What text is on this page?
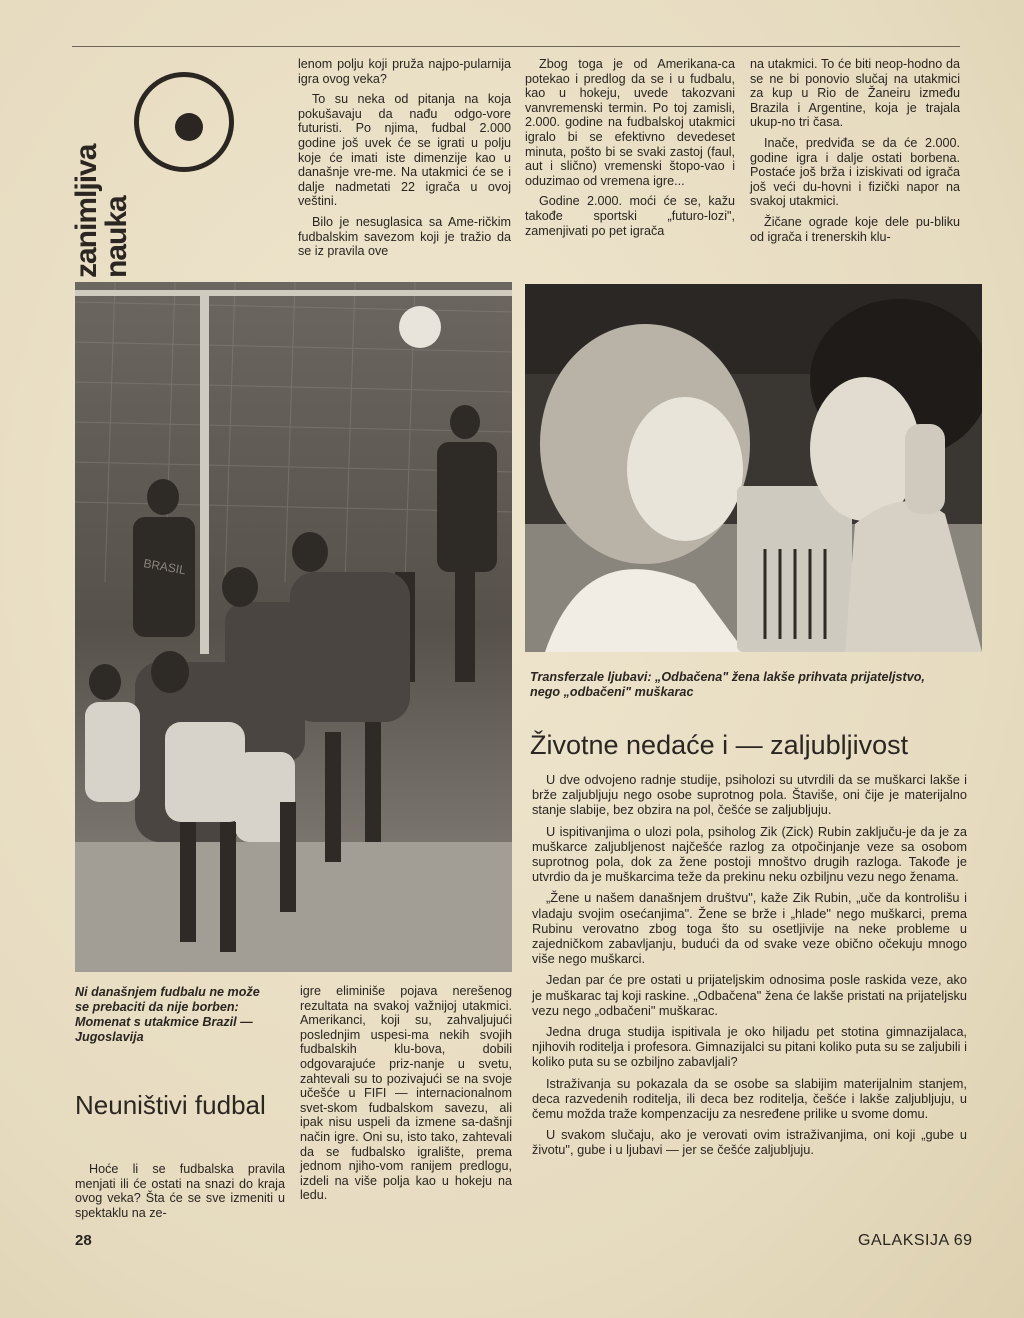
zanimljiva
nauka

lenom polju koji pruža najpo-pularnija igra ovog veka?

To su neka od pitanja na koja pokušavaju da nađu odgo-vore futuristi. Po njima, fudbal 2.000 godine još uvek će se igrati u polju koje će imati iste dimenzije kao u današnje vre-me. Na utakmici će se i dalje nadmetati 22 igrača u ovoj veštini.

Bilo je nesuglasica sa Ame-ričkim fudbalskim savezom koji je tražio da se iz pravila ove

Zbog toga je od Amerikana-ca potekao i predlog da se i u fudbalu, kao u hokeju, uvede takozvani vanvremenski termin. Po toj zamisli, 2.000. godine na fudbalskoj utakmici igralo bi se efektivno devedeset minuta, pošto bi se svaki zastoj (faul, aut i slično) vremenski štopo-vao i oduzimao od vremena igre...

Godine 2.000. moći će se, kažu takođe sportski „futuro-lozi", zamenjivati po pet igrača

na utakmici. To će biti neop-hodno da se ne bi ponovio slučaj na utakmici za kup u Rio de Žaneiru između Brazila i Argentine, koja je trajala ukup-no tri časa.

Inače, predviđa se da će 2.000. godine igra i dalje ostati borbena. Postaće još brža i iziskivati od igrača još veći du-hovni i fizički napor na svakoj utakmici.

Žičane ograde koje dele pu-bliku od igrača i trenerskih klu-

BRASIL
Ni današnjem fudbalu ne može se prebaciti da nije borben: Momenat s utakmice Brazil — Jugoslavija
Transferzale ljubavi: „Odbačena" žena lakše prihvata prijateljstvo, nego „odbačeni" muškarac
Neuništivi fudbal
Životne nedaće i — zaljubljivost

Hoće li se fudbalska pravila menjati ili će ostati na snazi do kraja ovog veka? Šta će se sve izmeniti u spektaklu na ze-

igre eliminiše pojava nerešenog rezultata na svakoj važnijoj utakmici. Amerikanci, koji su, zahvaljujući poslednjim uspesi-ma nekih svojih fudbalskih klu-bova, dobili odgovarajuće priz-nanje u svetu, zahtevali su to pozivajući se na svoje učešće u FIFI — internacionalnom svet-skom fudbalskom savezu, ali ipak nisu uspeli da izmene sa-dašnji način igre. Oni su, isto tako, zahtevali da se fudbalsko igralište, prema jednom njiho-vom ranijem predlogu, izdeli na više polja kao u hokeju na ledu.

U dve odvojeno radnje studije, psiholozi su utvrdili da se muškarci lakše i brže zaljubljuju nego osobe suprotnog pola. Štaviše, oni čije je materijalno stanje slabije, bez obzira na pol, češće se zaljubljuju.

U ispitivanjima o ulozi pola, psiholog Zik (Zick) Rubin zaključu-je da je za muškarce zaljubljenost najčešće razlog za otpočinjanje veze sa osobom suprotnog pola, dok za žene postoji mnoštvo drugih razloga. Takođe je utvrdio da je muškarcima teže da prekinu neku ozbiljnu vezu nego ženama.

„Žene u našem današnjem društvu", kaže Zik Rubin, „uče da kontrolišu i vladaju svojim osećanjima". Žene se brže i „hlade" nego muškarci, prema Rubinu verovatno zbog toga što su osetljivije na neke probleme u zajedničkom zabavljanju, budući da od svake veze obično očekuju mnogo više nego muškarci.

Jedan par će pre ostati u prijateljskim odnosima posle raskida veze, ako je muškarac taj koji raskine. „Odbačena" žena će lakše pristati na prijateljsku vezu nego „odbačeni" muškarac.

Jedna druga studija ispitivala je oko hiljadu pet stotina gimnazijalaca, njihovih roditelja i profesora. Gimnazijalci su pitani koliko puta su se zaljubili i koliko puta su se ozbiljno zabavljali?

Istraživanja su pokazala da se osobe sa slabijim materijalnim stanjem, deca razvedenih roditelja, ili deca bez roditelja, češće i lakše zaljubljuju, u čemu možda traže kompenzaciju za nesređene prilike u svome domu.

U svakom slučaju, ako je verovati ovim istraživanjima, oni koji „gube u životu", gube i u ljubavi — jer se češće zaljubljuju.

28	GALAKSIJA 69
